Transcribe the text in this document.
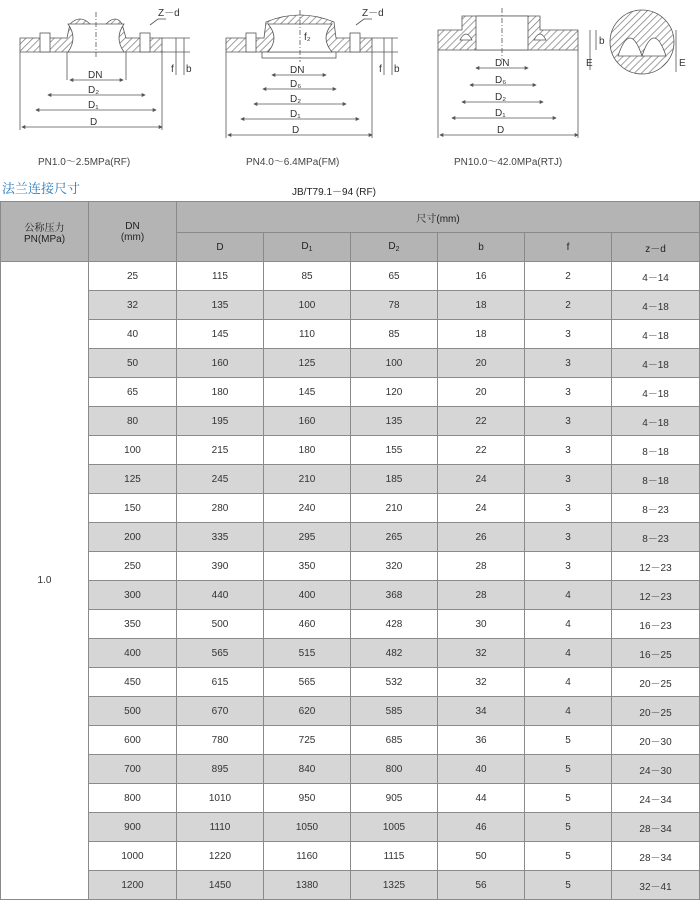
Z－d
DN
D₂
D₁
D
f b
Z－d
f₂
DN
D₆
D₂
D₁
D
f b
DN
D₆
D₂
D₁
D
b
E	E
PN1.0～2.5MPa(RF)	PN4.0～6.4MPa(FM)	PN10.0～42.0MPa(RTJ)
法兰连接尺寸	JB/T79.1－94 (RF)
公称压力
PN(MPa)	DN
(mm)	尺寸(mm)					
		D	$D_1$	$D_2$	b	f	z－d
1.0	25	115	85	65	16	2	4－14
	32	135	100	78	18	2	4－18
	40	145	110	85	18	3	4－18
	50	160	125	100	20	3	4－18
	65	180	145	120	20	3	4－18
	80	195	160	135	22	3	4－18
	100	215	180	155	22	3	8－18
	125	245	210	185	24	3	8－18
	150	280	240	210	24	3	8－23
	200	335	295	265	26	3	8－23
	250	390	350	320	28	3	12－23
	300	440	400	368	28	4	12－23
	350	500	460	428	30	4	16－23
	400	565	515	482	32	4	16－25
	450	615	565	532	32	4	20－25
	500	670	620	585	34	4	20－25
	600	780	725	685	36	5	20－30
	700	895	840	800	40	5	24－30
	800	1010	950	905	44	5	24－34
	900	1110	1050	1005	46	5	28－34
	1000	1220	1160	1115	50	5	28－34
	1200	1450	1380	1325	56	5	32－41
